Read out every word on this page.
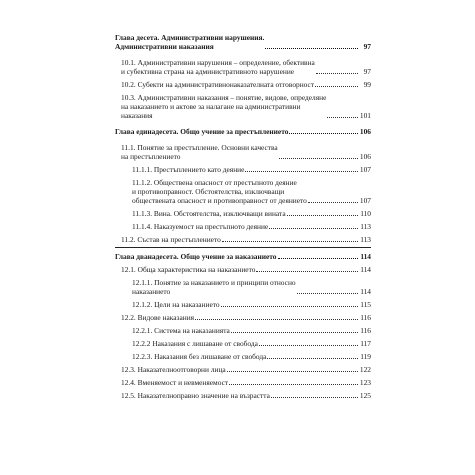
Глава десета. Административни нарушения.
Административни наказания	97
10.1. Административни нарушения – определение, обективна
и субективна страна на административното нарушение	97
10.2. Субекти на административнонаказателната отговорност	99
10.3. Административни наказания – понятие, видове, определяне
на наказанието и актове за налагане на административни
наказания	101
Глава единадесета. Общо учение за престъплението	106
11.1. Понятие за престъпление. Основни качества
на престъплението	106
11.1.1. Престъплението като деяние	107
11.1.2. Обществена опасност от престъпното деяние
и противоправност. Обстоятелства, изключващи
обществената опасност и противоправност от деянието	107
11.1.3. Вина. Обстоятелства, изключващи вината	110
11.1.4. Наказуемост на престъпното деяние	113
11.2. Състав на престъплението	113
Глава дванадесета. Общо учение за наказанието	114
12.1. Обща характеристика на наказанието	114
12.1.1. Понятие за наказанието и принципи относно
наказанието	114
12.1.2. Цели на наказанието	115
12.2. Видове наказания	116
12.2.1. Система на наказанията	116
12.2.2 Наказания с лишаване от свобода	117
12.2.3. Наказания без лишаване от свобода	119
12.3. Наказателноотговорни лица	122
12.4. Вменяемост и невменяемост	123
12.5. Наказателноправно значение на възрастта	125
